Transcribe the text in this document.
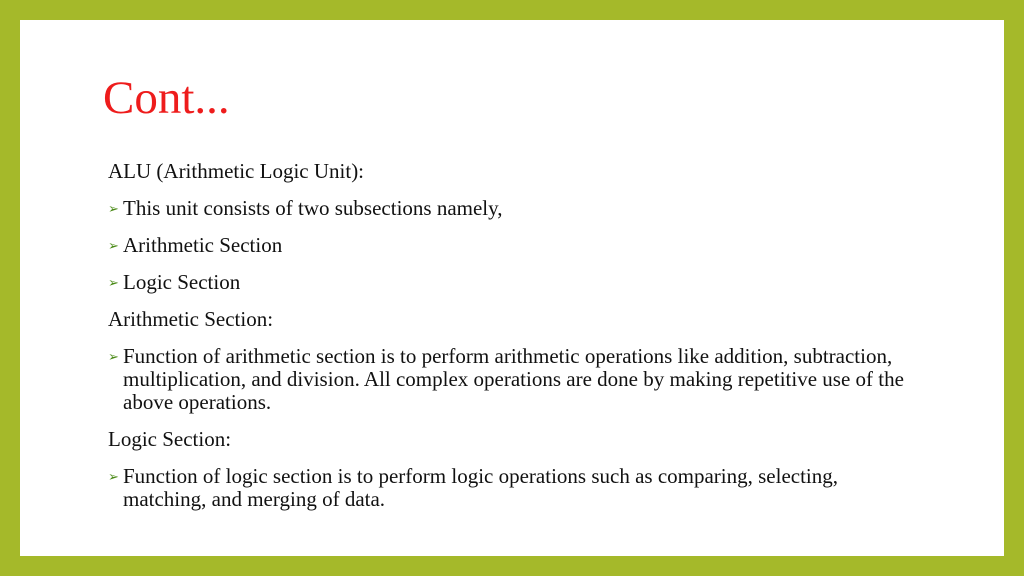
Cont...

ALU (Arithmetic Logic Unit):

➢ This unit consists of two subsections namely,
➢ Arithmetic Section
➢ Logic Section

Arithmetic Section:

➢ Function of arithmetic section is to perform arithmetic operations like addition, subtraction, multiplication, and division. All complex operations are done by making repetitive use of the above operations.

Logic Section:

➢ Function of logic section is to perform logic operations such as comparing, selecting, matching, and merging of data.
